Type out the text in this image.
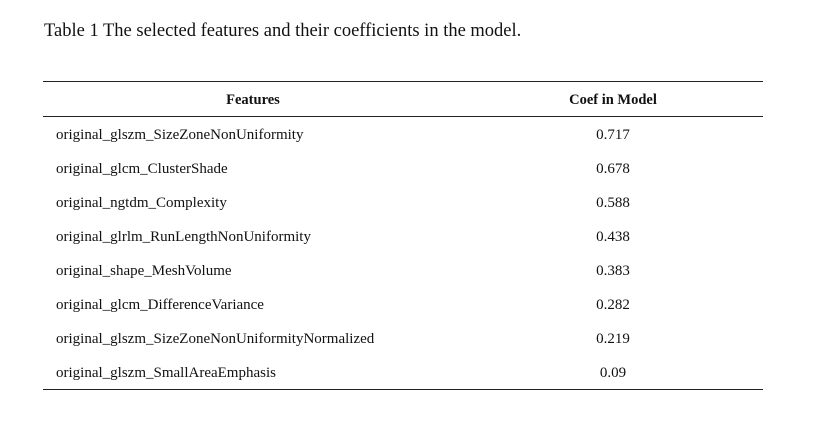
Table 1 The selected features and their coefficients in the model.
Features	Coef in Model
original_glszm_SizeZoneNonUniformity	0.717
original_glcm_ClusterShade	0.678
original_ngtdm_Complexity	0.588
original_glrlm_RunLengthNonUniformity	0.438
original_shape_MeshVolume	0.383
original_glcm_DifferenceVariance	0.282
original_glszm_SizeZoneNonUniformityNormalized	0.219
original_glszm_SmallAreaEmphasis	0.09
